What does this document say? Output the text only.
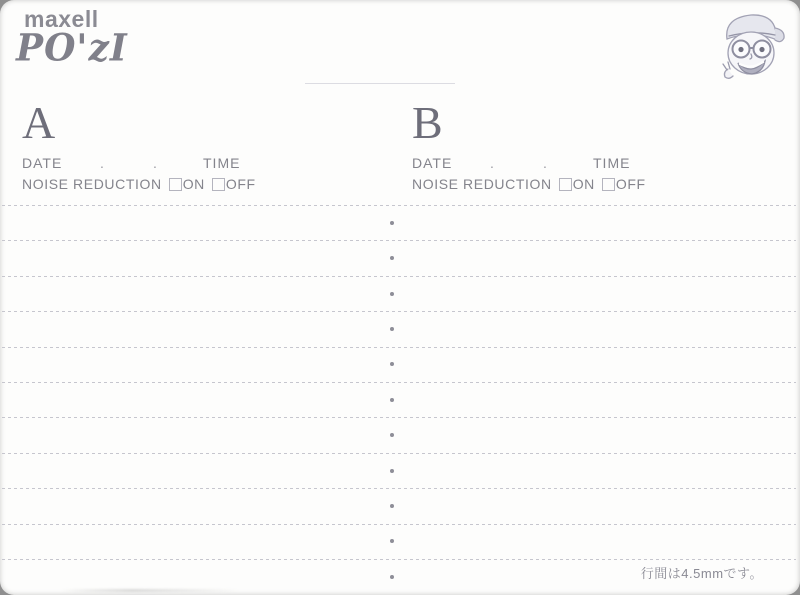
maxell
PO'zI
A
DATE	.	.	TIME
NOISE REDUCTION ON OFF
B
DATE	.	.	TIME
NOISE REDUCTION ON OFF
行間は4.5mmです。
